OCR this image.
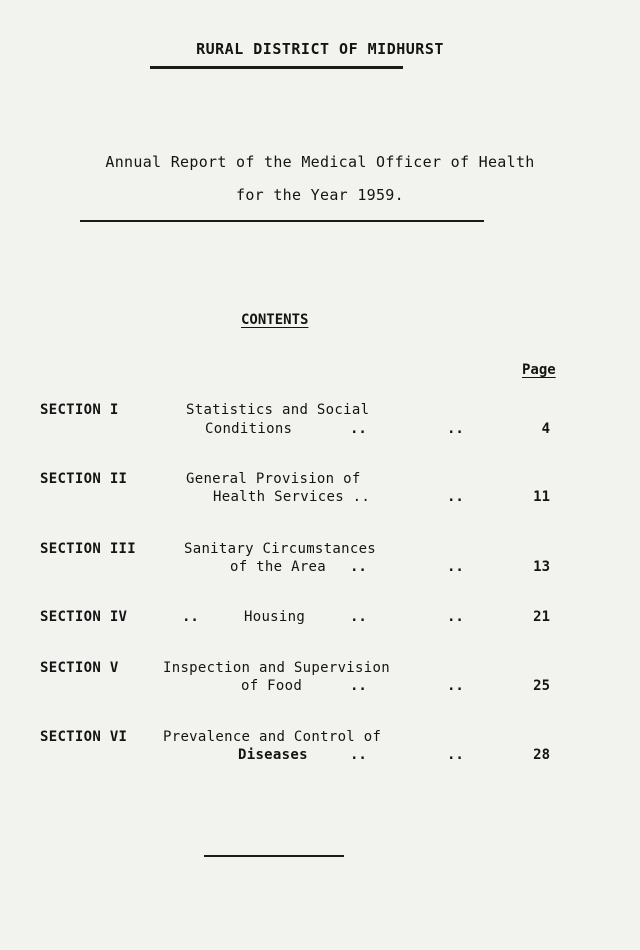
RURAL DISTRICT OF MIDHURST
Annual Report of the Medical Officer of Health
for the Year 1959.
CONTENTS
Page
SECTION I	Statistics and Social
Conditions	..	..	4
SECTION II	General Provision of
Health Services ..	..	11
SECTION III	Sanitary Circumstances
of the Area ..	..	13
SECTION IV	..	Housing	..	..	21
SECTION V	Inspection and Supervision
of Food	..	..	25
SECTION VI	Prevalence and Control of
Diseases	..	..	28
